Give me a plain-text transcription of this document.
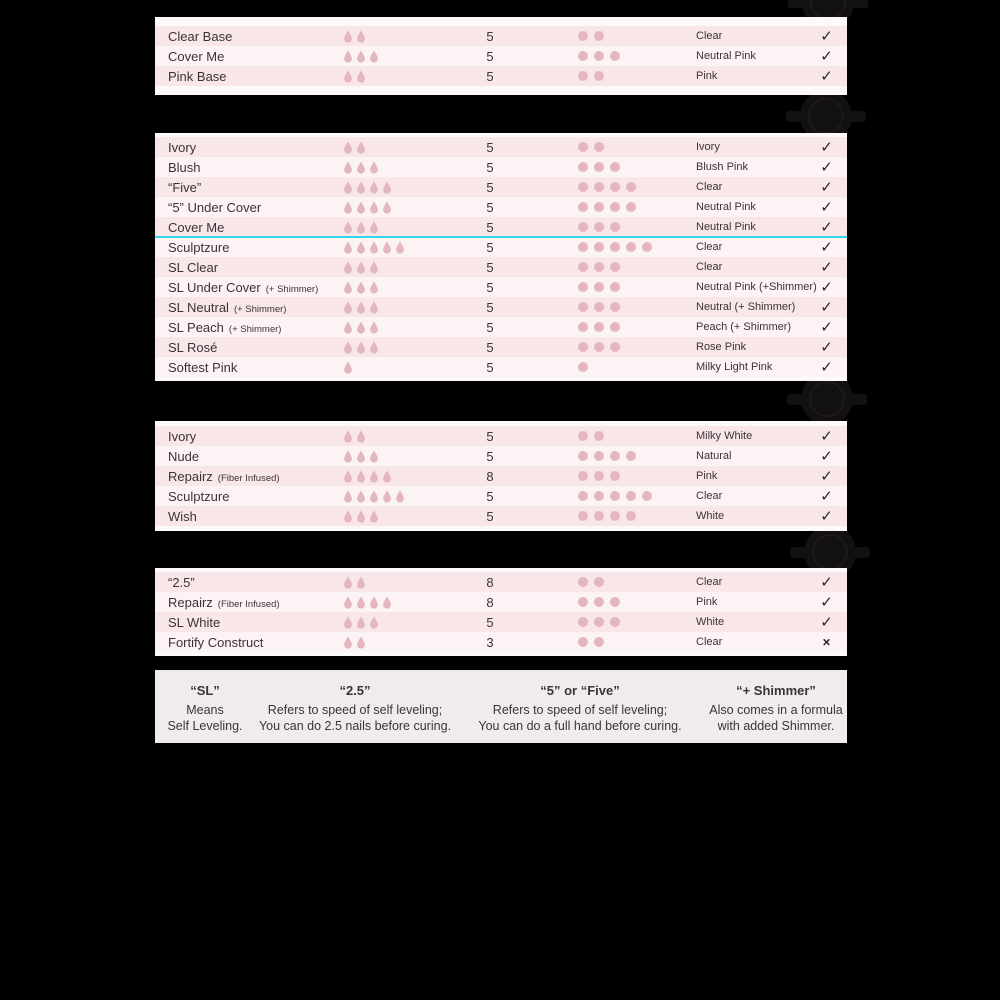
Clear Base	5	Clear	✓
Cover Me	5	Neutral Pink	✓
Pink Base	5	Pink	✓
Ivory	5	Ivory	✓
Blush	5	Blush Pink	✓
“Five”	5	Clear	✓
“5” Under Cover	5	Neutral Pink	✓
Cover Me	5	Neutral Pink	✓
Sculptzure	5	Clear	✓
SL Clear	5	Clear	✓
SL Under Cover (+ Shimmer)	5	Neutral Pink (+Shimmer) ✓
SL Neutral (+ Shimmer)	5	Neutral (+ Shimmer)	✓
SL Peach (+ Shimmer)	5	Peach (+ Shimmer)	✓
SL Rosé	5	Rose Pink	✓
Softest Pink	5	Milky Light Pink	✓
Ivory	5	Milky White	✓
Nude	5	Natural	✓
Repairz (Fiber Infused)	8	Pink	✓
Sculptzure	5	Clear	✓
Wish	5	White	✓
“2.5”	8	Clear	✓
Repairz (Fiber Infused)	8	Pink	✓
SL White	5	White	✓
Fortify Construct	3	Clear	✕
“SL”
Means
Self Leveling.
“2.5”
Refers to speed of self leveling;
You can do 2.5 nails before curing.
“5” or “Five”
Refers to speed of self leveling;
You can do a full hand before curing.
“+ Shimmer”
Also comes in a formula
with added Shimmer.
